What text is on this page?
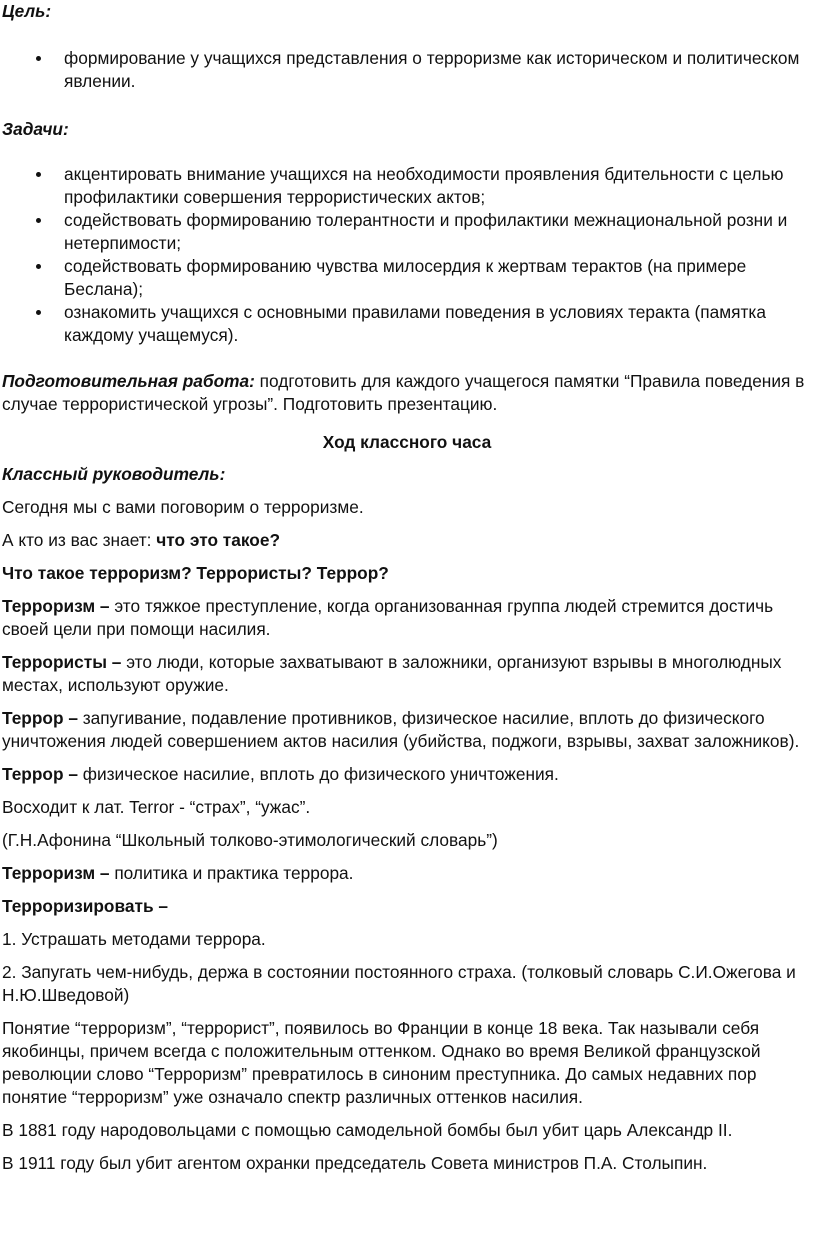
Цель:

формирование у учащихся представления о терроризме как историческом и политическом явлении.

Задачи:

акцентировать внимание учащихся на необходимости проявления бдительности с целью профилактики совершения террористических актов;
содействовать формированию толерантности и профилактики межнациональной розни и нетерпимости;
содействовать формированию чувства милосердия к жертвам терактов (на примере Беслана);
ознакомить учащихся с основными правилами поведения в условиях теракта (памятка каждому учащемуся).

Подготовительная работа: подготовить для каждого учащегося памятки “Правила поведения в случае террористической угрозы”. Подготовить презентацию.

Ход классного часа

Классный руководитель:

Сегодня мы с вами поговорим о терроризме.

А кто из вас знает: что это такое?

Что такое терроризм? Террористы? Террор?

Терроризм – это тяжкое преступление, когда организованная группа людей стремится достичь своей цели при помощи насилия.

Террористы – это люди, которые захватывают в заложники, организуют взрывы в многолюдных местах, используют оружие.

Террор – запугивание, подавление противников, физическое насилие, вплоть до физического уничтожения людей совершением актов насилия (убийства, поджоги, взрывы, захват заложников).

Террор – физическое насилие, вплоть до физического уничтожения.

Восходит к лат. Terror - “страх”, “ужас”.

(Г.Н.Афонина “Школьный толково-этимологический словарь”)

Терроризм – политика и практика террора.

Терроризировать –

1. Устрашать методами террора.

2. Запугать чем-нибудь, держа в состоянии постоянного страха. (толковый словарь С.И.Ожегова и Н.Ю.Шведовой)

Понятие “терроризм”, “террорист”, появилось во Франции в конце 18 века. Так называли себя якобинцы, причем всегда с положительным оттенком. Однако во время Великой французской революции слово “Терроризм” превратилось в синоним преступника. До самых недавних пор понятие “терроризм” уже означало спектр различных оттенков насилия.

В 1881 году народовольцами с помощью самодельной бомбы был убит царь Александр II.

В 1911 году был убит агентом охранки председатель Совета министров П.А. Столыпин.
